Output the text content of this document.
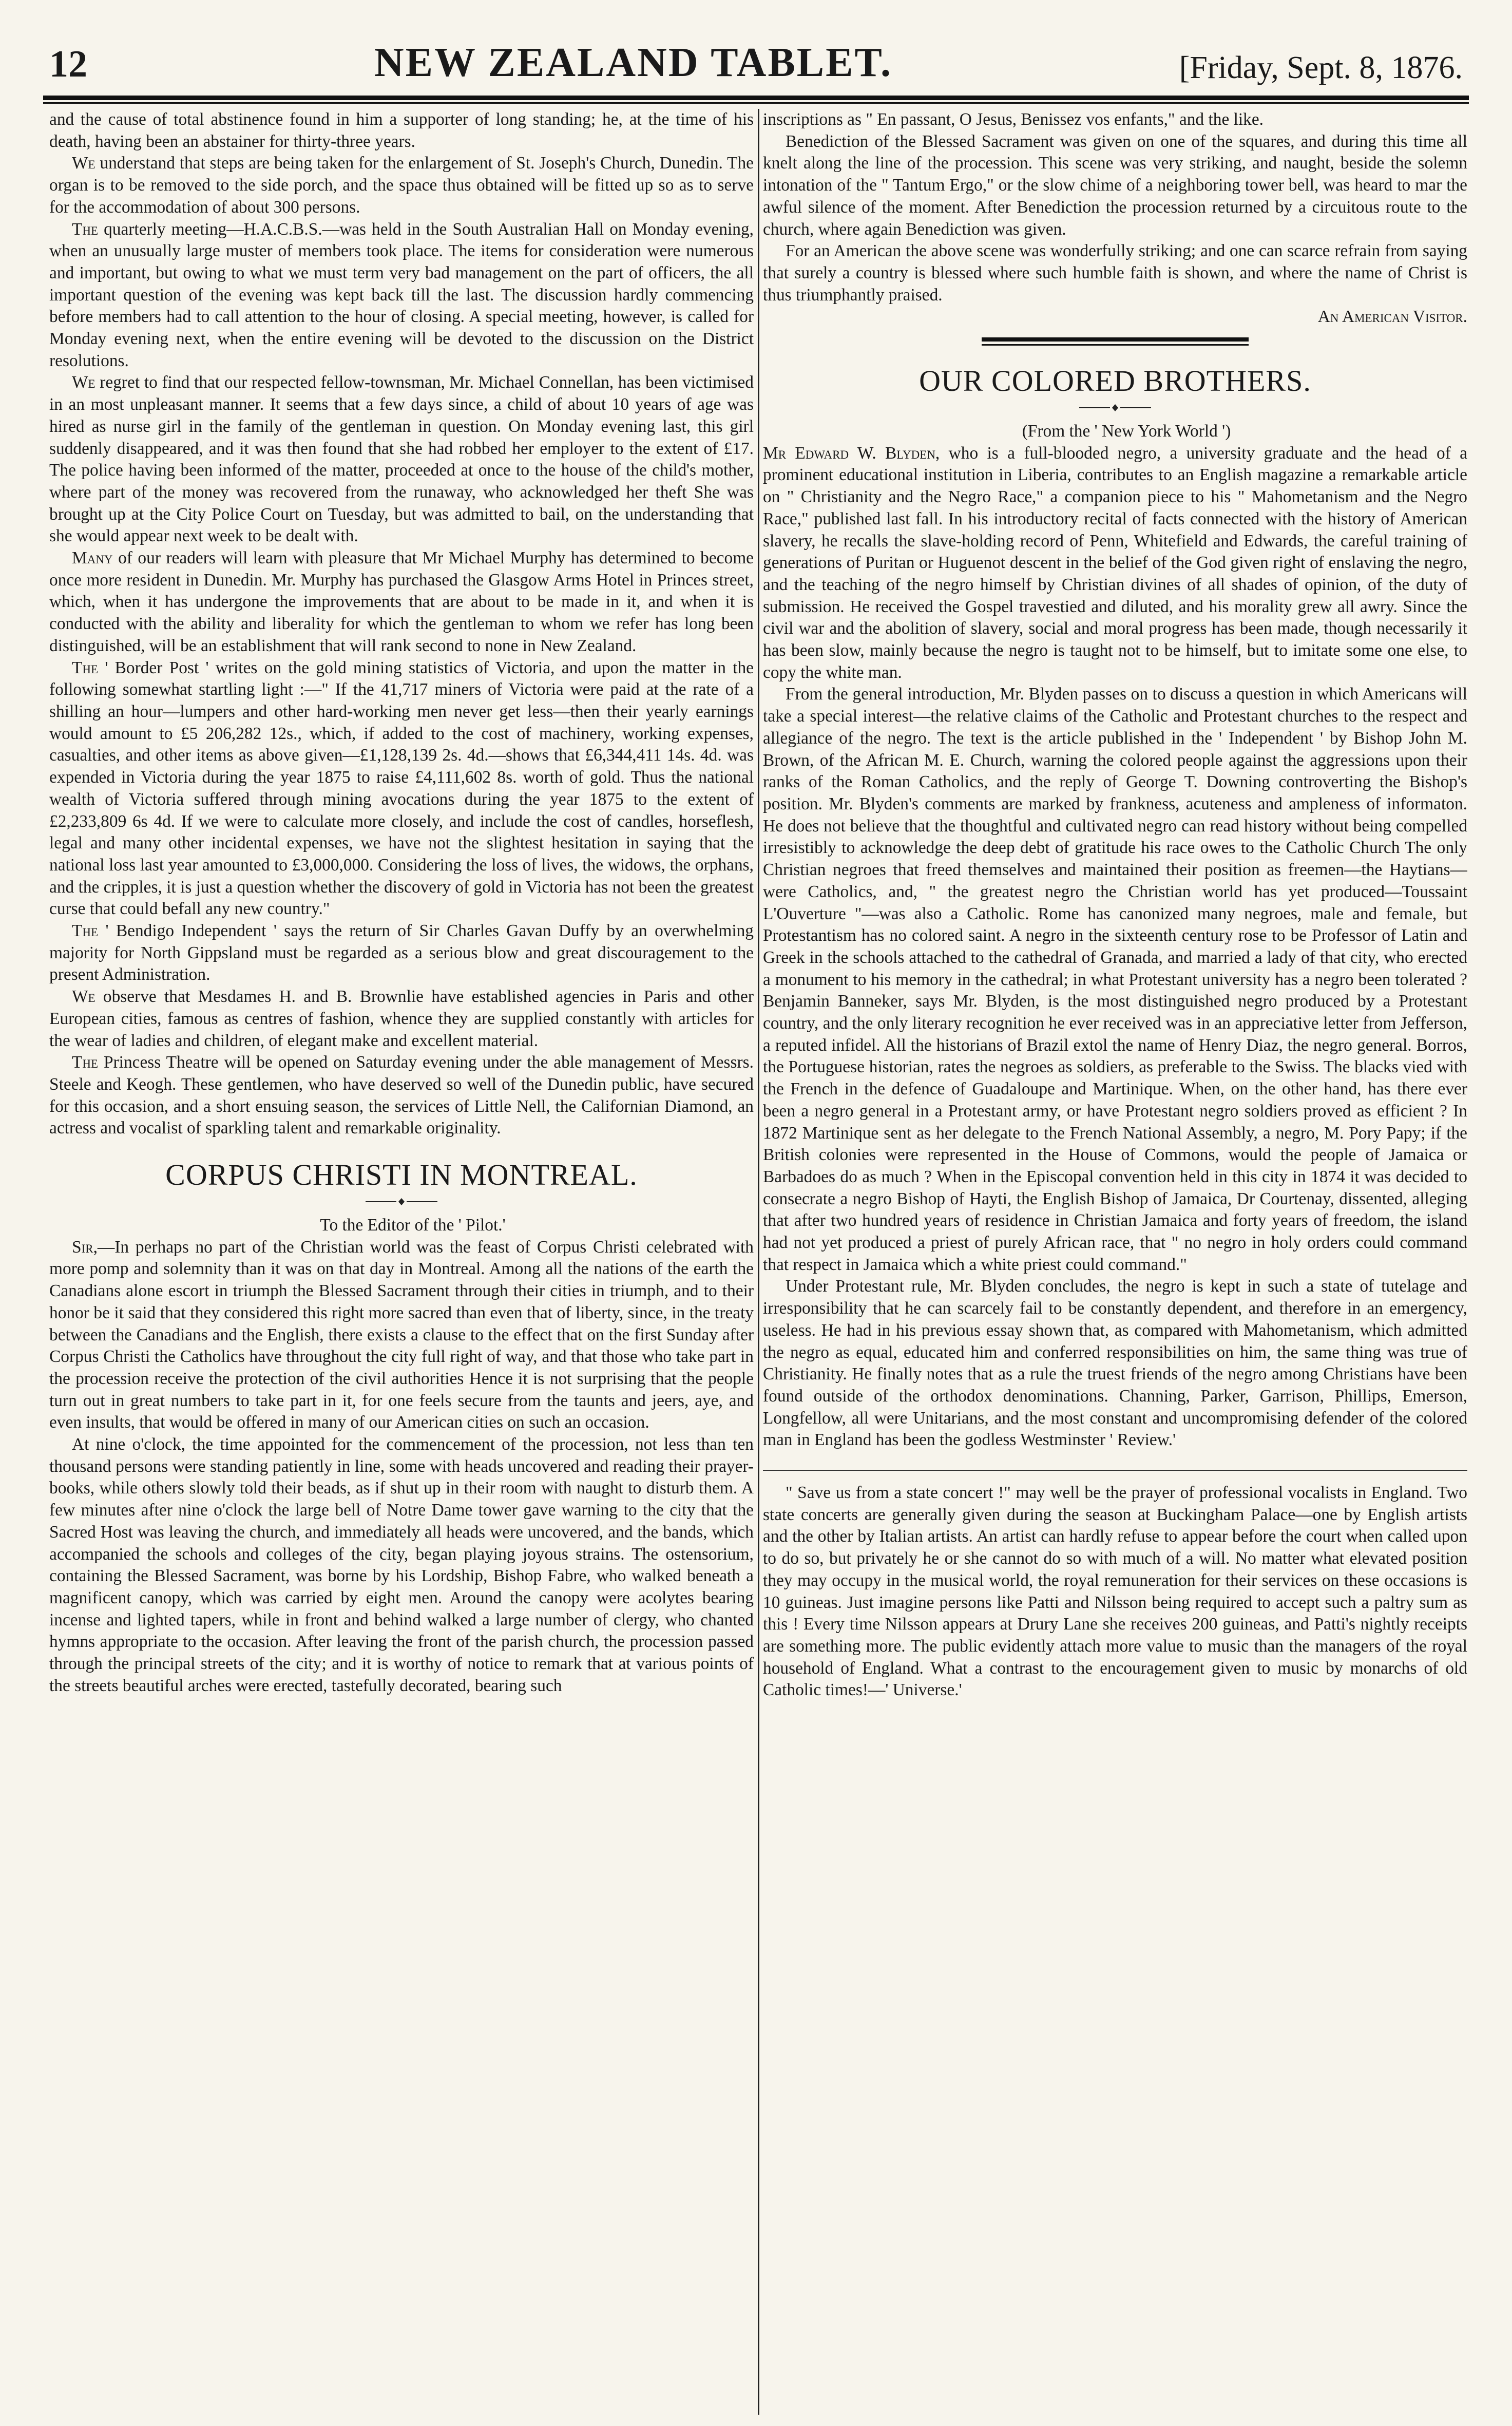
12	NEW ZEALAND TABLET.	[Friday, Sept. 8, 1876.

and the cause of total abstinence found in him a supporter of long standing; he, at the time of his death, having been an abstainer for thirty-three years.

We understand that steps are being taken for the enlargement of St. Joseph's Church, Dunedin. The organ is to be removed to the side porch, and the space thus obtained will be fitted up so as to serve for the accommodation of about 300 persons.

The quarterly meeting—H.A.C.B.S.—was held in the South Australian Hall on Monday evening, when an unusually large muster of members took place. The items for consideration were numerous and important, but owing to what we must term very bad management on the part of officers, the all important question of the evening was kept back till the last. The discussion hardly commencing before members had to call attention to the hour of closing. A special meeting, however, is called for Monday evening next, when the entire evening will be devoted to the discussion on the District resolutions.

We regret to find that our respected fellow-townsman, Mr. Michael Connellan, has been victimised in an most unpleasant manner. It seems that a few days since, a child of about 10 years of age was hired as nurse girl in the family of the gentleman in question. On Monday evening last, this girl suddenly disappeared, and it was then found that she had robbed her employer to the extent of £17. The police having been informed of the matter, proceeded at once to the house of the child's mother, where part of the money was recovered from the runaway, who acknowledged her theft She was brought up at the City Police Court on Tuesday, but was admitted to bail, on the understanding that she would appear next week to be dealt with.

Many of our readers will learn with pleasure that Mr Michael Murphy has determined to become once more resident in Dunedin. Mr. Murphy has purchased the Glasgow Arms Hotel in Princes street, which, when it has undergone the improvements that are about to be made in it, and when it is conducted with the ability and liberality for which the gentleman to whom we refer has long been distinguished, will be an establishment that will rank second to none in New Zealand.

The ' Border Post ' writes on the gold mining statistics of Victoria, and upon the matter in the following somewhat startling light :—" If the 41,717 miners of Victoria were paid at the rate of a shilling an hour—lumpers and other hard-working men never get less—then their yearly earnings would amount to £5 206,282 12s., which, if added to the cost of machinery, working expenses, casualties, and other items as above given—£1,128,139 2s. 4d.—shows that £6,344,411 14s. 4d. was expended in Victoria during the year 1875 to raise £4,111,602 8s. worth of gold. Thus the national wealth of Victoria suffered through mining avocations during the year 1875 to the extent of £2,233,809 6s 4d. If we were to calculate more closely, and include the cost of candles, horseflesh, legal and many other incidental expenses, we have not the slightest hesitation in saying that the national loss last year amounted to £3,000,000. Considering the loss of lives, the widows, the orphans, and the cripples, it is just a question whether the discovery of gold in Victoria has not been the greatest curse that could befall any new country."

The ' Bendigo Independent ' says the return of Sir Charles Gavan Duffy by an overwhelming majority for North Gippsland must be regarded as a serious blow and great discouragement to the present Administration.

We observe that Mesdames H. and B. Brownlie have established agencies in Paris and other European cities, famous as centres of fashion, whence they are supplied constantly with articles for the wear of ladies and children, of elegant make and excellent material.

The Princess Theatre will be opened on Saturday evening under the able management of Messrs. Steele and Keogh. These gentlemen, who have deserved so well of the Dunedin public, have secured for this occasion, and a short ensuing season, the services of Little Nell, the Californian Diamond, an actress and vocalist of sparkling talent and remarkable originality.

CORPUS CHRISTI IN MONTREAL.

To the Editor of the ' Pilot.'

Sir,—In perhaps no part of the Christian world was the feast of Corpus Christi celebrated with more pomp and solemnity than it was on that day in Montreal. Among all the nations of the earth the Canadians alone escort in triumph the Blessed Sacrament through their cities in triumph, and to their honor be it said that they considered this right more sacred than even that of liberty, since, in the treaty between the Canadians and the English, there exists a clause to the effect that on the first Sunday after Corpus Christi the Catholics have throughout the city full right of way, and that those who take part in the procession receive the protection of the civil authorities Hence it is not surprising that the people turn out in great numbers to take part in it, for one feels secure from the taunts and jeers, aye, and even insults, that would be offered in many of our American cities on such an occasion.

At nine o'clock, the time appointed for the commencement of the procession, not less than ten thousand persons were standing patiently in line, some with heads uncovered and reading their prayer-books, while others slowly told their beads, as if shut up in their room with naught to disturb them. A few minutes after nine o'clock the large bell of Notre Dame tower gave warning to the city that the Sacred Host was leaving the church, and immediately all heads were uncovered, and the bands, which accompanied the schools and colleges of the city, began playing joyous strains. The ostensorium, containing the Blessed Sacrament, was borne by his Lordship, Bishop Fabre, who walked beneath a magnificent canopy, which was carried by eight men. Around the canopy were acolytes bearing incense and lighted tapers, while in front and behind walked a large number of clergy, who chanted hymns appropriate to the occasion. After leaving the front of the parish church, the procession passed through the principal streets of the city; and it is worthy of notice to remark that at various points of the streets beautiful arches were erected, tastefully decorated, bearing such

inscriptions as " En passant, O Jesus, Benissez vos enfants," and the like.

Benediction of the Blessed Sacrament was given on one of the squares, and during this time all knelt along the line of the procession. This scene was very striking, and naught, beside the solemn intonation of the " Tantum Ergo," or the slow chime of a neighboring tower bell, was heard to mar the awful silence of the moment. After Benediction the procession returned by a circuitous route to the church, where again Benediction was given.

For an American the above scene was wonderfully striking; and one can scarce refrain from saying that surely a country is blessed where such humble faith is shown, and where the name of Christ is thus triumphantly praised.

An American Visitor.

OUR COLORED BROTHERS.

(From the ' New York World ')

Mr Edward W. Blyden, who is a full-blooded negro, a university graduate and the head of a prominent educational institution in Liberia, contributes to an English magazine a remarkable article on " Christianity and the Negro Race," a companion piece to his " Mahometanism and the Negro Race," published last fall. In his introductory recital of facts connected with the history of American slavery, he recalls the slave-holding record of Penn, Whitefield and Edwards, the careful training of generations of Puritan or Huguenot descent in the belief of the God given right of enslaving the negro, and the teaching of the negro himself by Christian divines of all shades of opinion, of the duty of submission. He received the Gospel travestied and diluted, and his morality grew all awry. Since the civil war and the abolition of slavery, social and moral progress has been made, though necessarily it has been slow, mainly because the negro is taught not to be himself, but to imitate some one else, to copy the white man.

From the general introduction, Mr. Blyden passes on to discuss a question in which Americans will take a special interest—the relative claims of the Catholic and Protestant churches to the respect and allegiance of the negro. The text is the article published in the ' Independent ' by Bishop John M. Brown, of the African M. E. Church, warning the colored people against the aggressions upon their ranks of the Roman Catholics, and the reply of George T. Downing controverting the Bishop's position. Mr. Blyden's comments are marked by frankness, acuteness and ampleness of informaton. He does not believe that the thoughtful and cultivated negro can read history without being compelled irresistibly to acknowledge the deep debt of gratitude his race owes to the Catholic Church The only Christian negroes that freed themselves and maintained their position as freemen—the Haytians—were Catholics, and, " the greatest negro the Christian world has yet produced—Toussaint L'Ouverture "—was also a Catholic. Rome has canonized many negroes, male and female, but Protestantism has no colored saint. A negro in the sixteenth century rose to be Professor of Latin and Greek in the schools attached to the cathedral of Granada, and married a lady of that city, who erected a monument to his memory in the cathedral; in what Protestant university has a negro been tolerated ? Benjamin Banneker, says Mr. Blyden, is the most distinguished negro produced by a Protestant country, and the only literary recognition he ever received was in an appreciative letter from Jefferson, a reputed infidel. All the historians of Brazil extol the name of Henry Diaz, the negro general. Borros, the Portuguese historian, rates the negroes as soldiers, as preferable to the Swiss. The blacks vied with the French in the defence of Guadaloupe and Martinique. When, on the other hand, has there ever been a negro general in a Protestant army, or have Protestant negro soldiers proved as efficient ? In 1872 Martinique sent as her delegate to the French National Assembly, a negro, M. Pory Papy; if the British colonies were represented in the House of Commons, would the people of Jamaica or Barbadoes do as much ? When in the Episcopal convention held in this city in 1874 it was decided to consecrate a negro Bishop of Hayti, the English Bishop of Jamaica, Dr Courtenay, dissented, alleging that after two hundred years of residence in Christian Jamaica and forty years of freedom, the island had not yet produced a priest of purely African race, that " no negro in holy orders could command that respect in Jamaica which a white priest could command."

Under Protestant rule, Mr. Blyden concludes, the negro is kept in such a state of tutelage and irresponsibility that he can scarcely fail to be constantly dependent, and therefore in an emergency, useless. He had in his previous essay shown that, as compared with Mahometanism, which admitted the negro as equal, educated him and conferred responsibilities on him, the same thing was true of Christianity. He finally notes that as a rule the truest friends of the negro among Christians have been found outside of the orthodox denominations. Channing, Parker, Garrison, Phillips, Emerson, Longfellow, all were Unitarians, and the most constant and uncompromising defender of the colored man in England has been the godless Westminster ' Review.'

" Save us from a state concert !" may well be the prayer of professional vocalists in England. Two state concerts are generally given during the season at Buckingham Palace—one by English artists and the other by Italian artists. An artist can hardly refuse to appear before the court when called upon to do so, but privately he or she cannot do so with much of a will. No matter what elevated position they may occupy in the musical world, the royal remuneration for their services on these occasions is 10 guineas. Just imagine persons like Patti and Nilsson being required to accept such a paltry sum as this ! Every time Nilsson appears at Drury Lane she receives 200 guineas, and Patti's nightly receipts are something more. The public evidently attach more value to music than the managers of the royal household of England. What a contrast to the encouragement given to music by monarchs of old Catholic times!—' Universe.'
